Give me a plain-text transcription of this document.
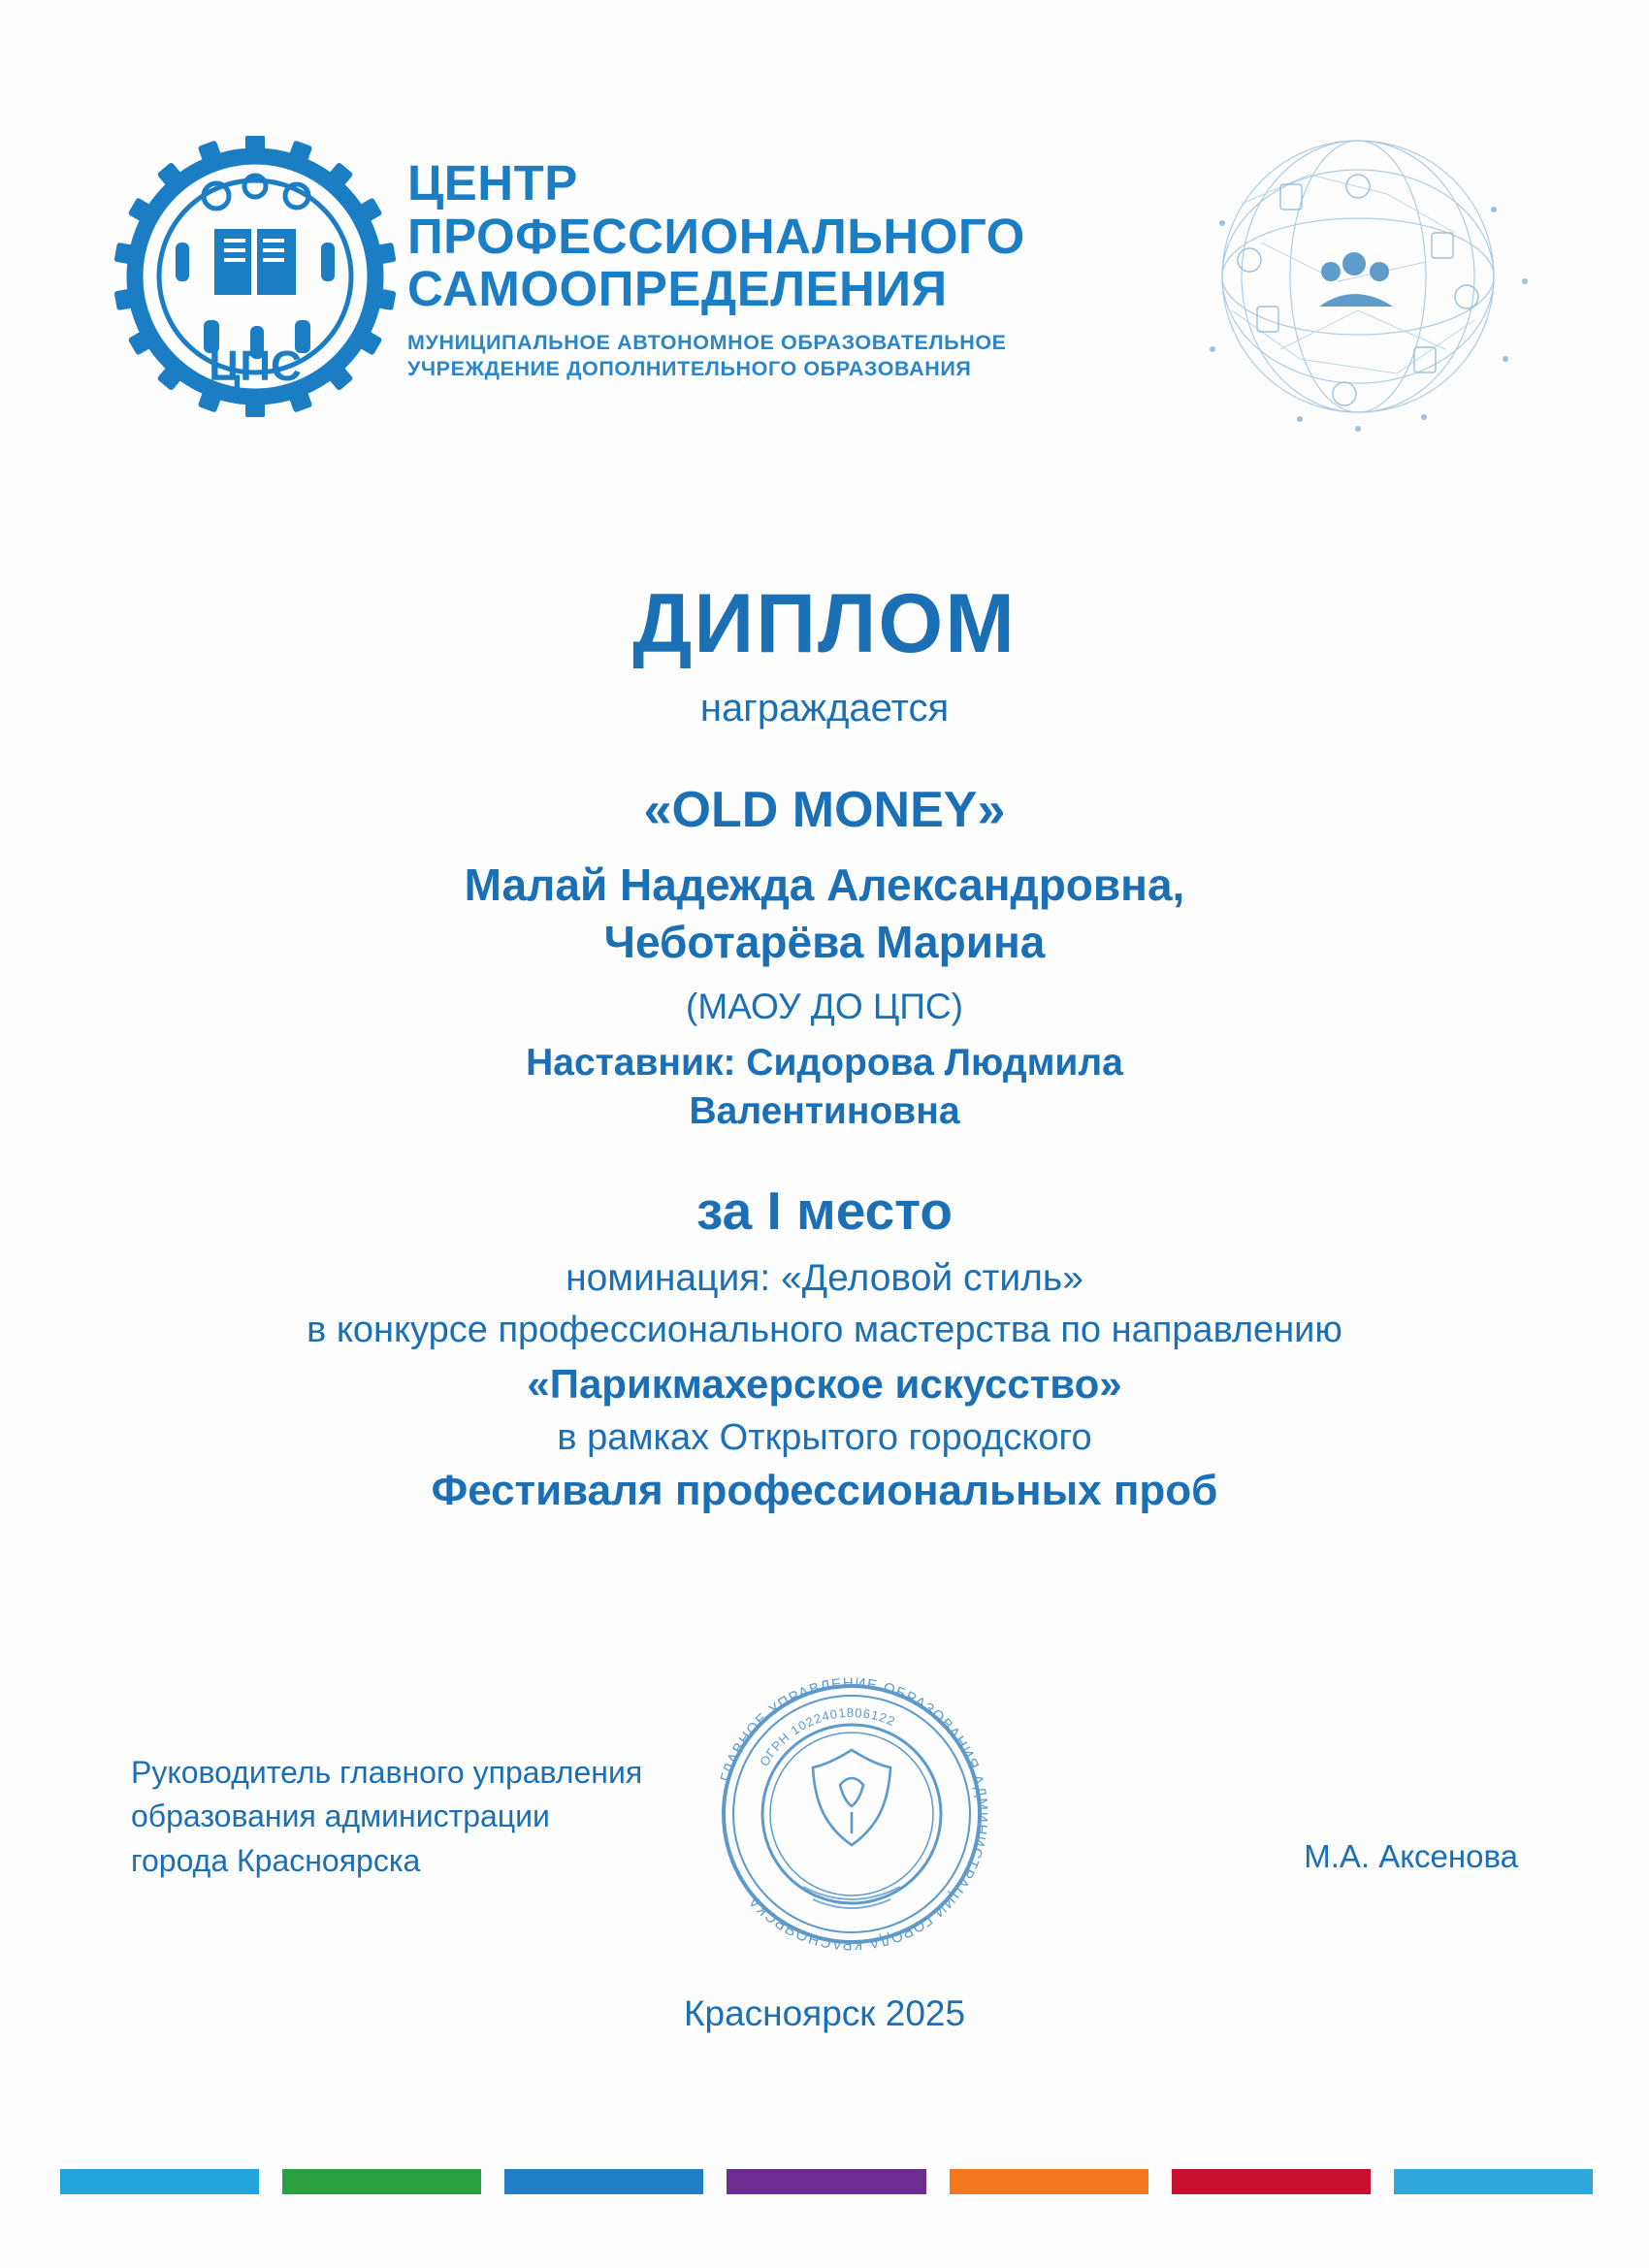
ЦПС
ЦЕНТР
ПРОФЕССИОНАЛЬНОГО
САМООПРЕДЕЛЕНИЯ
МУНИЦИПАЛЬНОЕ АВТОНОМНОЕ ОБРАЗОВАТЕЛЬНОЕ
УЧРЕЖДЕНИЕ ДОПОЛНИТЕЛЬНОГО ОБРАЗОВАНИЯ
ДИПЛОМ
награждается
«OLD MONEY»
Малай Надежда Александровна,
Чеботарёва Марина
(МАОУ ДО ЦПС)
Наставник: Сидорова Людмила
Валентиновна
за I место
номинация: «Деловой стиль»
в конкурсе профессионального мастерства по направлению
«Парикмахерское искусство»
в рамках Открытого городского
Фестиваля профессиональных проб
ГЛАВНОЕ УПРАВЛЕНИЕ ОБРАЗОВАНИЯ АДМИНИСТРАЦИИ ГОРОДА КРАСНОЯРСКА
ОГРН 1022401806122
Руководитель главного управления
образования администрации
города Красноярска	М.А. Аксенова
Красноярск 2025
